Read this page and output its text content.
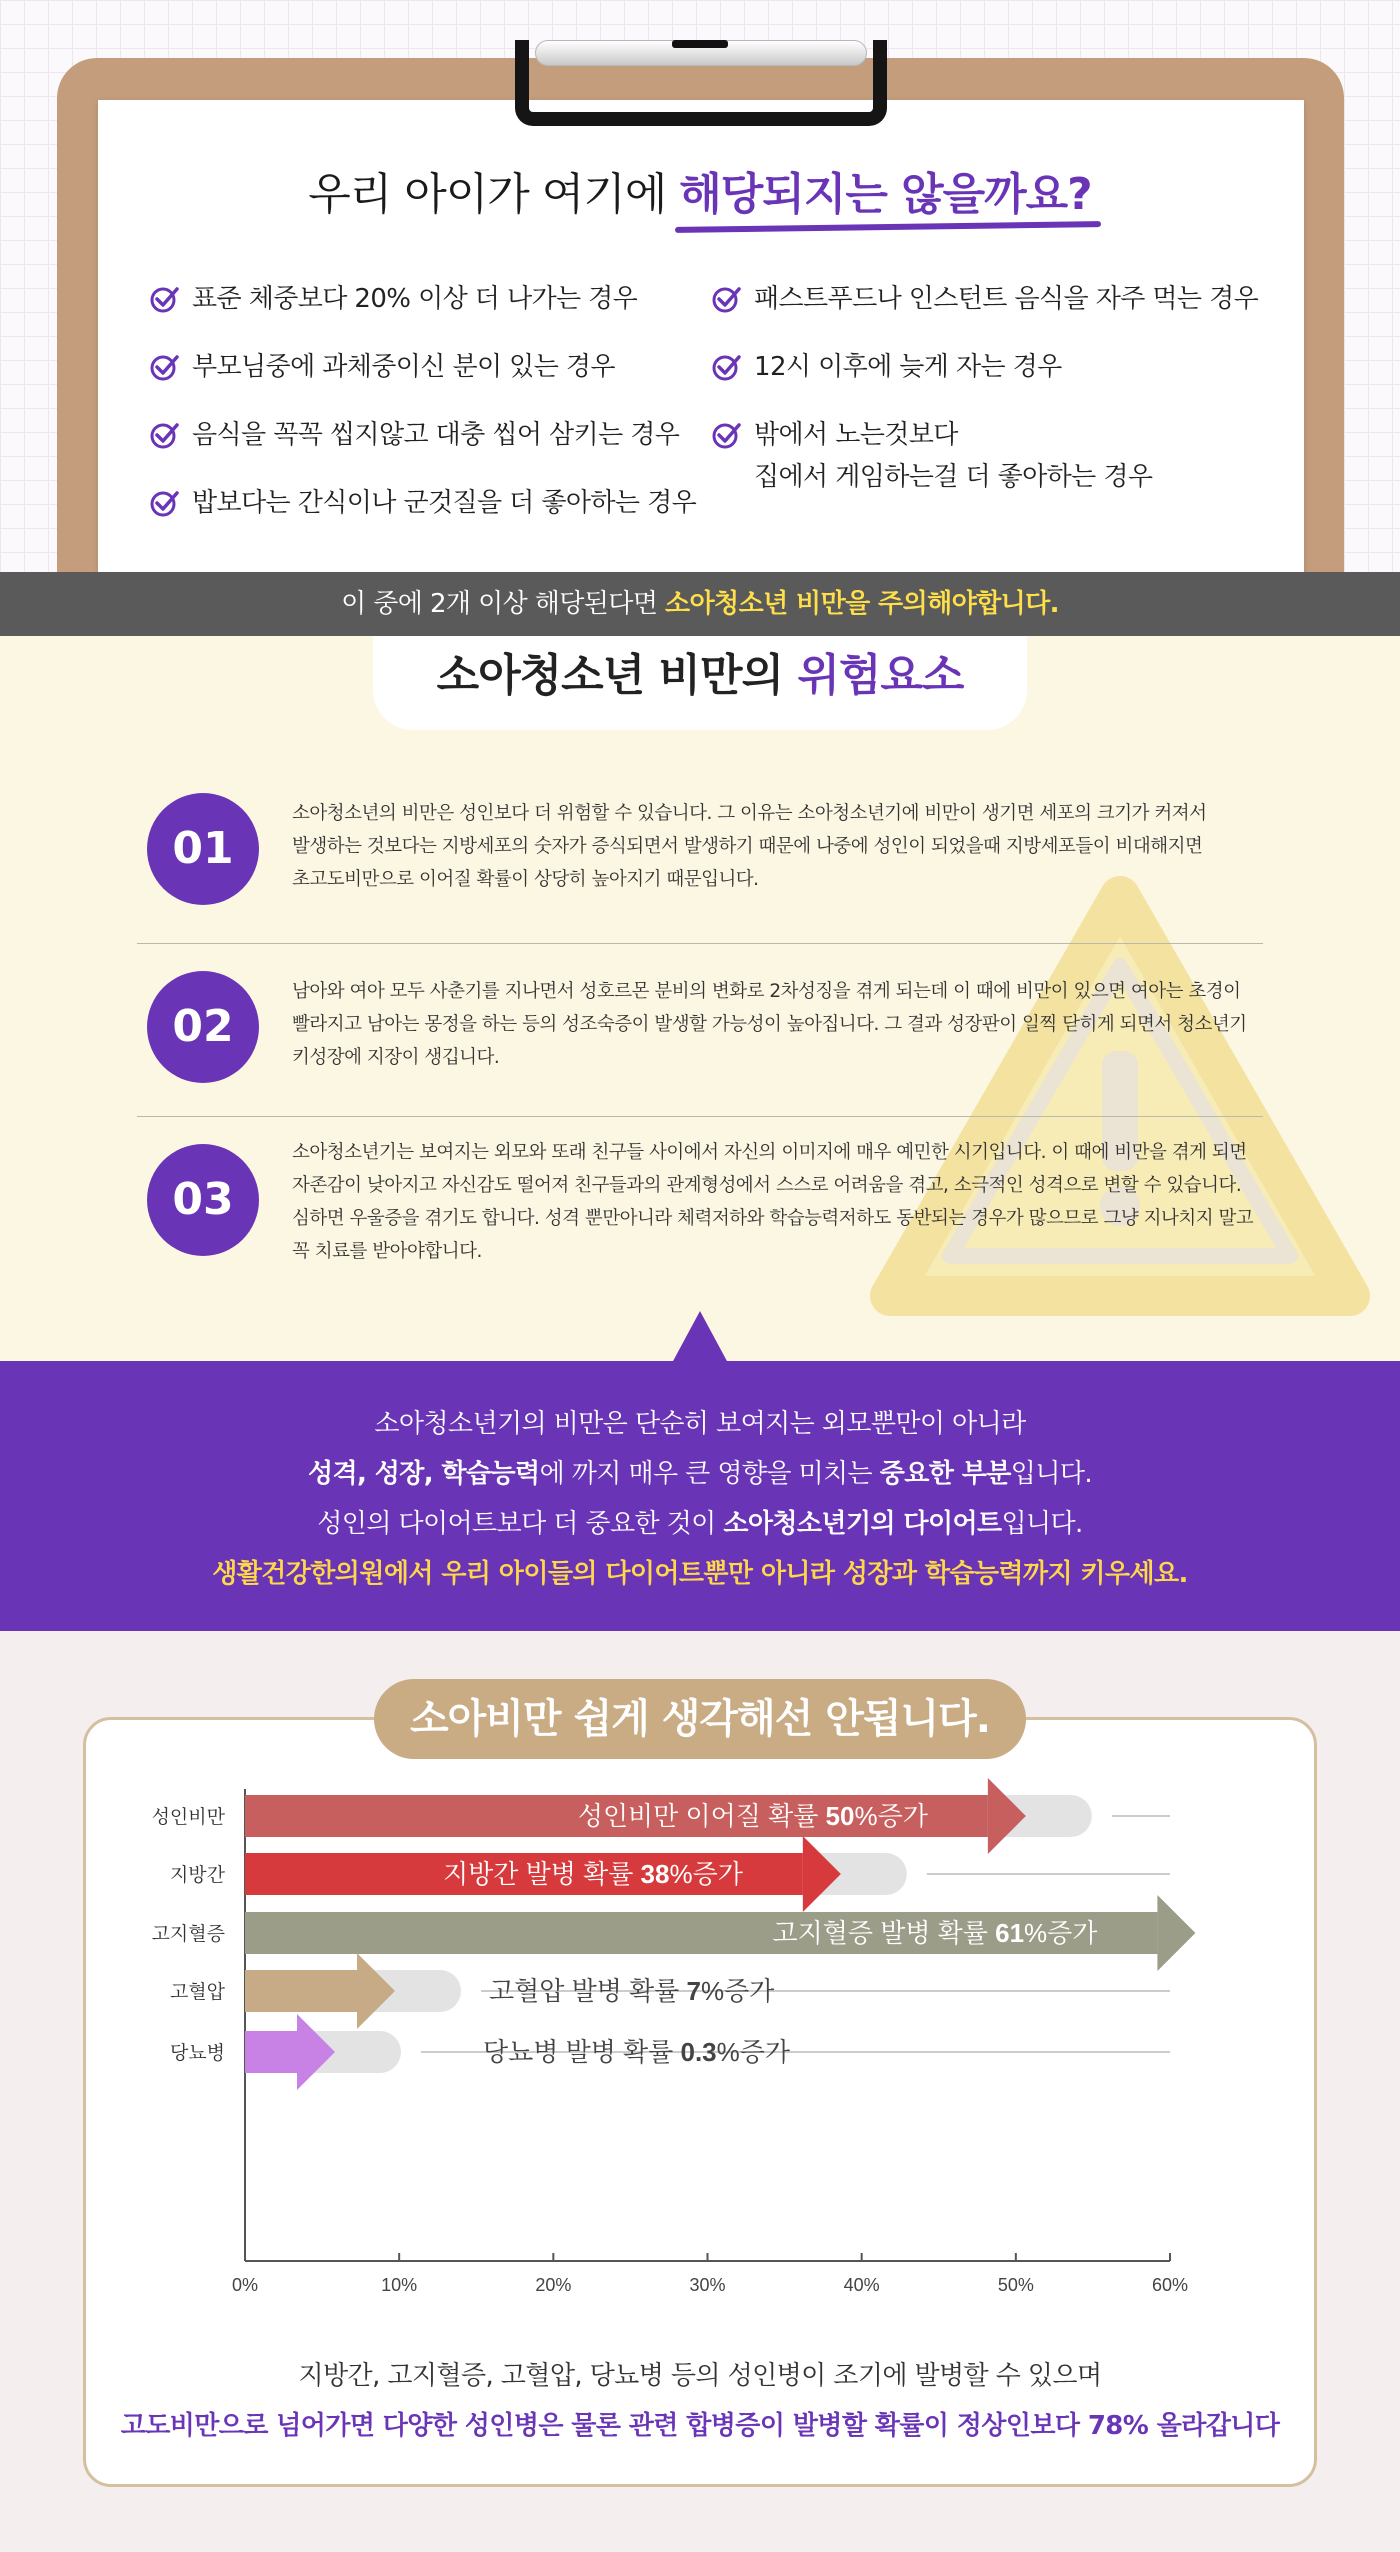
우리 아이가 여기에 해당되지는 않을까요?
표준 체중보다 20% 이상 더 나가는 경우
부모님중에 과체중이신 분이 있는 경우
음식을 꼭꼭 씹지않고 대충 씹어 삼키는 경우
밥보다는 간식이나 군것질을 더 좋아하는 경우
패스트푸드나 인스턴트 음식을 자주 먹는 경우
12시 이후에 늦게 자는 경우
밖에서 노는것보다
집에서 게임하는걸 더 좋아하는 경우
이 중에 2개 이상 해당된다면 소아청소년 비만을 주의해야합니다.
소아청소년 비만의 위험요소
01
소아청소년의 비만은 성인보다 더 위험할 수 있습니다. 그 이유는 소아청소년기에 비만이 생기면 세포의 크기가 커져서
발생하는 것보다는 지방세포의 숫자가 증식되면서 발생하기 때문에 나중에 성인이 되었을때 지방세포들이 비대해지면
초고도비만으로 이어질 확률이 상당히 높아지기 때문입니다.
02
남아와 여아 모두 사춘기를 지나면서 성호르몬 분비의 변화로 2차성징을 겪게 되는데 이 때에 비만이 있으면 여아는 초경이
빨라지고 남아는 몽정을 하는 등의 성조숙증이 발생할 가능성이 높아집니다. 그 결과 성장판이 일찍 닫히게 되면서 청소년기
키성장에 지장이 생깁니다.
03
소아청소년기는 보여지는 외모와 또래 친구들 사이에서 자신의 이미지에 매우 예민한 시기입니다. 이 때에 비만을 겪게 되면
자존감이 낮아지고 자신감도 떨어져 친구들과의 관계형성에서 스스로 어려움을 겪고, 소극적인 성격으로 변할 수 있습니다.
심하면 우울증을 겪기도 합니다. 성격 뿐만아니라 체력저하와 학습능력저하도 동반되는 경우가 많으므로 그냥 지나치지 말고
꼭 치료를 받아야합니다.
소아청소년기의 비만은 단순히 보여지는 외모뿐만이 아니라
성격, 성장, 학습능력에 까지 매우 큰 영향을 미치는 중요한 부분입니다.
성인의 다이어트보다 더 중요한 것이 소아청소년기의 다이어트입니다.
생활건강한의원에서 우리 아이들의 다이어트뿐만 아니라 성장과 학습능력까지 키우세요.
소아비만 쉽게 생각해선 안됩니다.
0%	10%	20%	30%	40%	50%	60%
성인비만	성인비만 이어질 확률 50%증가
지방간	지방간 발병 확률 38%증가
고지혈증	고지혈증 발병 확률 61%증가
고혈압	고혈압 발병 확률 7%증가
당뇨병	당뇨병 발병 확률 0.3%증가
지방간, 고지혈증, 고혈압, 당뇨병 등의 성인병이 조기에 발병할 수 있으며
고도비만으로 넘어가면 다양한 성인병은 물론 관련 합병증이 발병할 확률이 정상인보다 78% 올라갑니다
